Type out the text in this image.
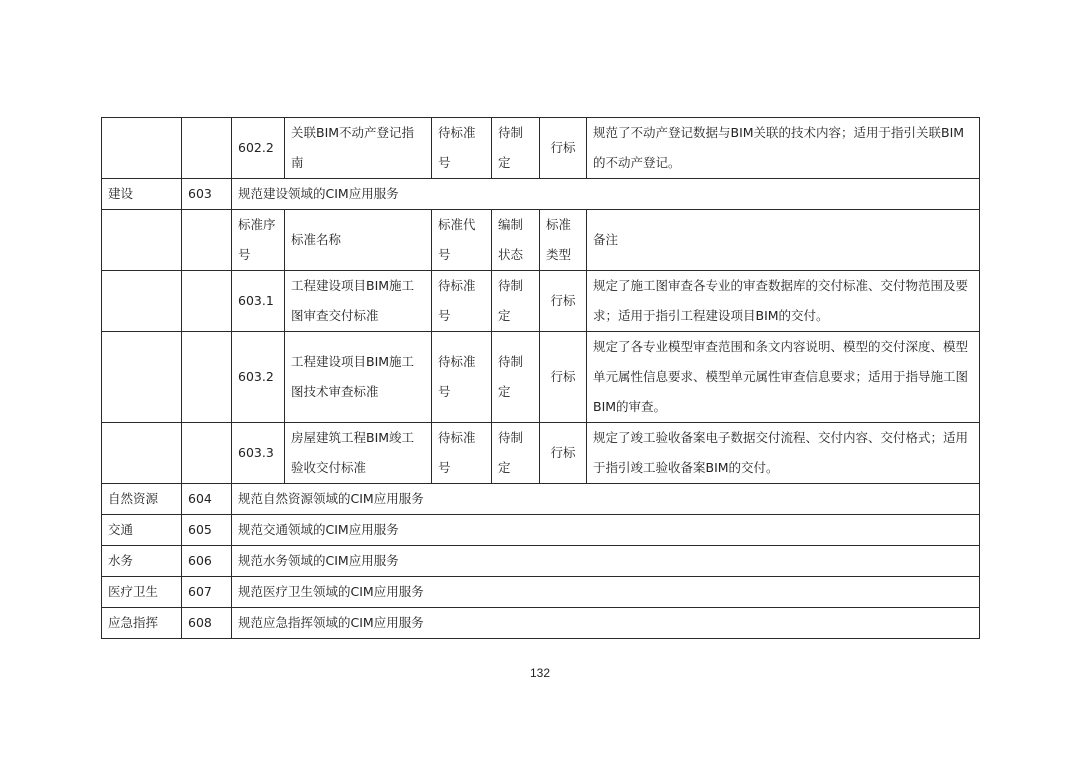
		602.2	关联BIM不动产登记指南	待标准号	待制定	行标	规范了不动产登记数据与BIM关联的技术内容；适用于指引关联BIM的不动产登记。
建设	603	规范建设领域的CIM应用服务					
		标准序号	标准名称	标准代号	编制状态	标准类型	备注
		603.1	工程建设项目BIM施工图审查交付标准	待标准号	待制定	行标	规定了施工图审查各专业的审查数据库的交付标准、交付物范围及要求；适用于指引工程建设项目BIM的交付。
		603.2	工程建设项目BIM施工图技术审查标准	待标准号	待制定	行标	规定了各专业模型审查范围和条文内容说明、模型的交付深度、模型单元属性信息要求、模型单元属性审查信息要求；适用于指导施工图BIM的审查。
		603.3	房屋建筑工程BIM竣工验收交付标准	待标准号	待制定	行标	规定了竣工验收备案电子数据交付流程、交付内容、交付格式；适用于指引竣工验收备案BIM的交付。
自然资源	604	规范自然资源领域的CIM应用服务					
交通	605	规范交通领域的CIM应用服务					
水务	606	规范水务领域的CIM应用服务					
医疗卫生	607	规范医疗卫生领域的CIM应用服务					
应急指挥	608	规范应急指挥领域的CIM应用服务					
132
